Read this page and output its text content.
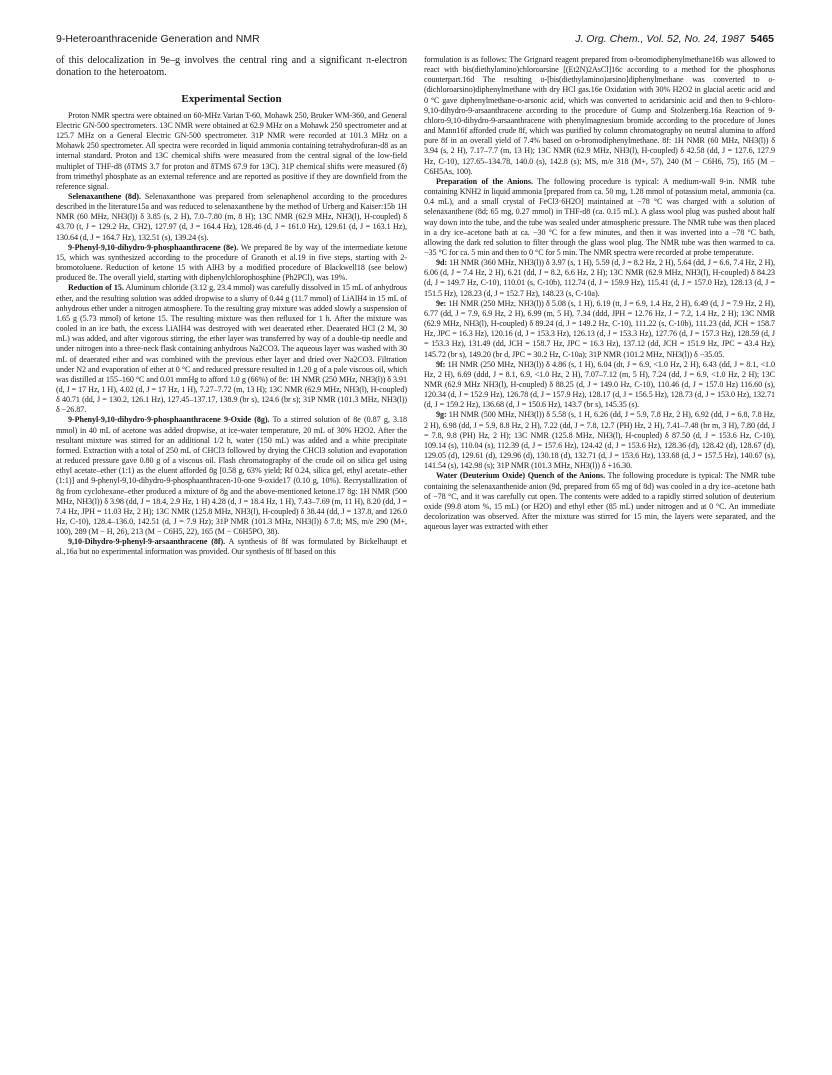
9-Heteroanthracenide Generation and NMR	J. Org. Chem., Vol. 52, No. 24, 1987 5465

of this delocalization in 9e–g involves the central ring and a significant π-electron donation to the heteroatom.

Experimental Section

Proton NMR spectra were obtained on 60-MHz Varian T-60, Mohawk 250, Bruker WM-360, and General Electric GN-500 spectrometers. 13C NMR were obtained at 62.9 MHz on a Mohawk 250 spectrometer and at 125.7 MHz on a General Electric GN-500 spectrometer. 31P NMR were recorded at 101.3 MHz on a Mohawk 250 spectrometer. All spectra were recorded in liquid ammonia containing tetrahydrofuran-d8 as an internal standard. Proton and 13C chemical shifts were measured from the central signal of the low-field multiplet of THF-d8 (δTMS 3.7 for proton and δTMS 67.9 for 13C). 31P chemical shifts were measured (δ) from trimethyl phosphate as an external reference and are reported as positive if they are downfield from the reference signal.

Selenaxanthene (8d). Selenaxanthone was prepared from selenaphenol according to the procedures described in the literature15a and was reduced to selenaxanthene by the method of Urberg and Kaiser:15b 1H NMR (60 MHz, NH3(l)) δ 3.85 (s, 2 H), 7.0–7.80 (m, 8 H); 13C NMR (62.9 MHz, NH3(l), H-coupled) δ 43.70 (t, J = 129.2 Hz, CH2), 127.97 (d, J = 164.4 Hz), 128.46 (d, J = 161.0 Hz), 129.61 (d, J = 163.1 Hz), 130.64 (d, J = 164.7 Hz), 132.51 (s), 139.24 (s).

9-Phenyl-9,10-dihydro-9-phosphaanthracene (8e). We prepared 8e by way of the intermediate ketone 15, which was synthesized according to the procedure of Granoth et al.19 in five steps, starting with 2-bromotoluene. Reduction of ketone 15 with AlH3 by a modified procedure of Blackwell18 (see below) produced 8e. The overall yield, starting with diphenylchlorophosphine (Ph2PCl), was 19%.

Reduction of 15. Aluminum chloride (3.12 g, 23.4 mmol) was carefully dissolved in 15 mL of anhydrous ether, and the resulting solution was added dropwise to a slurry of 0.44 g (11.7 mmol) of LiAlH4 in 15 mL of anhydrous ether under a nitrogen atmosphere. To the resulting gray mixture was added slowly a suspension of 1.65 g (5.73 mmol) of ketone 15. The resulting mixture was then refluxed for 1 h. After the mixture was cooled in an ice bath, the excess LiAlH4 was destroyed with wet deaerated ether. Deaerated HCl (2 M, 30 mL) was added, and after vigorous stirring, the ether layer was transferred by way of a double-tip needle and under nitrogen into a three-neck flask containing anhydrous Na2CO3. The aqueous layer was washed with 30 mL of deaerated ether and was combined with the previous ether layer and dried over Na2CO3. Filtration under N2 and evaporation of ether at 0 °C and reduced pressure resulted in 1.20 g of a pale viscous oil, which was distilled at 155–160 °C and 0.01 mmHg to afford 1.0 g (66%) of 8e: 1H NMR (250 MHz, NH3(l)) δ 3.91 (d, J = 17 Hz, 1 H), 4.02 (d, J = 17 Hz, 1 H), 7.27–7.72 (m, 13 H); 13C NMR (62.9 MHz, NH3(l), H-coupled) δ 40.71 (dd, J = 130.2, 126.1 Hz), 127.45–137.17, 138.9 (br s), 124.6 (br s); 31P NMR (101.3 MHz, NH3(l)) δ −26.87.

9-Phenyl-9,10-dihydro-9-phosphaanthracene 9-Oxide (8g). To a stirred solution of 8e (0.87 g, 3.18 mmol) in 40 mL of acetone was added dropwise, at ice-water temperature, 20 mL of 30% H2O2. After the resultant mixture was stirred for an additional 1/2 h, water (150 mL) was added and a white precipitate formed. Extraction with a total of 250 mL of CHCl3 followed by drying the CHCl3 solution and evaporation at reduced pressure gave 0.80 g of a viscous oil. Flash chromatography of the crude oil on silica gel using ethyl acetate–ether (1:1) as the eluent afforded 8g [0.58 g, 63% yield; Rf 0.24, silica gel, ethyl acetate–ether (1:1)] and 9-phenyl-9,10-dihydro-9-phosphaanthracen-10-one 9-oxide17 (0.10 g, 10%). Recrystallization of 8g from cyclohexane–ether produced a mixture of 8g and the above-mentioned ketone.17 8g: 1H NMR (500 MHz, NH3(l)) δ 3.98 (dd, J = 18.4, 2.9 Hz, 1 H) 4.28 (d, J = 18.4 Hz, 1 H), 7.43–7.69 (m, 11 H), 8.20 (dd, J = 7.4 Hz, JPH = 11.03 Hz, 2 H); 13C NMR (125.8 MHz, NH3(l), H-coupled) δ 38.44 (dd, J = 137.8, and 126.0 Hz, C-10), 128.4–136.0, 142.51 (d, J = 7.9 Hz); 31P NMR (101.3 MHz, NH3(l)) δ 7.8; MS, m/e 290 (M+, 100), 289 (M − H, 26), 213 (M − C6H5, 22), 165 (M − C6H5PO, 38).

9,10-Dihydro-9-phenyl-9-arsaanthracene (8f). A synthesis of 8f was formulated by Bickelhaupt et al.,16a but no experimental information was provided. Our synthesis of 8f based on this

formulation is as follows: The Grignard reagent prepared from o-bromodiphenylmethane16b was allowed to react with bis(diethylamino)chloroarsine [(Et2N)2AsCl]16c according to a method for the phosphorus counterpart.16d The resulting o-[bis(diethylamino)arsino]diphenylmethane was converted to o-(dichloroarsino)diphenylmethane with dry HCl gas.16e Oxidation with 30% H2O2 in glacial acetic acid and 0 °C gave diphenylmethane-o-arsonic acid, which was converted to acridarsinic acid and then to 9-chloro-9,10-dihydro-9-arsaanthracene according to the procedure of Gump and Stolzenberg.16a Reaction of 9-chloro-9,10-dihydro-9-arsaanthracene with phenylmagnesium bromide according to the procedure of Jones and Mann16f afforded crude 8f, which was purified by column chromatography on neutral alumina to afford pure 8f in an overall yield of 7.4% based on o-bromodiphenylmethane. 8f: 1H NMR (60 MHz, NH3(l)) δ 3.94 (s, 2 H), 7.17–7.7 (m, 13 H); 13C NMR (62.9 MHz, NH3(l), H-coupled) δ 42.58 (dd, J = 127.6, 127.9 Hz, C-10), 127.65–134.78, 140.0 (s), 142.8 (s); MS, m/e 318 (M+, 57), 240 (M − C6H6, 75), 165 (M − C6H5As, 100).

Preparation of the Anions. The following procedure is typical: A medium-wall 9-in. NMR tube containing KNH2 in liquid ammonia [prepared from ca. 50 mg, 1.28 mmol of potassium metal, ammonia (ca. 0.4 mL), and a small crystal of FeCl3·6H2O] maintained at −78 °C was charged with a solution of selenaxanthene (8d; 65 mg, 0.27 mmol) in THF-d8 (ca. 0.15 mL). A glass wool plug was pushed about half way down into the tube, and the tube was sealed under atmospheric pressure. The NMR tube was then placed in a dry ice–acetone bath at ca. −30 °C for a few minutes, and then it was inverted into a −78 °C bath, allowing the dark red solution to filter through the glass wool plug. The NMR tube was then warmed to ca. −35 °C for ca. 5 min and then to 0 °C for 5 min. The NMR spectra were recorded at probe temperature.

9d: 1H NMR (360 MHz, NH3(l)) δ 3.97 (s, 1 H), 5.59 (d, J = 8.2 Hz, 2 H), 5.64 (dd, J = 6.6, 7.4 Hz, 2 H), 6.06 (d, J = 7.4 Hz, 2 H), 6.21 (dd, J = 8.2, 6.6 Hz, 2 H); 13C NMR (62.9 MHz, NH3(l), H-coupled) δ 84.23 (d, J = 149.7 Hz, C-10), 110.01 (s, C-10b), 112.74 (d, J = 159.9 Hz), 115.41 (d, J = 157.0 Hz), 128.13 (d, J = 151.5 Hz), 128.23 (d, J = 152.7 Hz), 148.23 (s, C-10a).

9e: 1H NMR (250 MHz, NH3(l)) δ 5.08 (s, 1 H), 6.19 (tt, J = 6.9, 1.4 Hz, 2 H), 6.49 (d, J = 7.9 Hz, 2 H), 6.77 (dd, J = 7.9, 6.9 Hz, 2 H), 6.99 (m, 5 H), 7.34 (ddd, JPH = 12.76 Hz, J = 7.2, 1.4 Hz, 2 H); 13C NMR (62.9 MHz, NH3(l), H-coupled) δ 89.24 (d, J = 149.2 Hz, C-10), 111.22 (s, C-10b), 111.23 (dd, JCH = 158.7 Hz, JPC = 16.3 Hz), 120.16 (d, J = 153.3 Hz), 126.13 (d, J = 153.3 Hz), 127.76 (d, J = 157.3 Hz), 128.59 (d, J = 153.3 Hz), 131.49 (dd, JCH = 158.7 Hz, JPC = 16.3 Hz), 137.12 (dd, JCH = 151.9 Hz, JPC = 43.4 Hz), 145.72 (br s), 149.20 (br d, JPC = 30.2 Hz, C-10a); 31P NMR (101.2 MHz, NH3(l)) δ −35.05.

9f: 1H NMR (250 MHz, NH3(l)) δ 4.86 (s, 1 H), 6.04 (dt, J = 6.9, <1.0 Hz, 2 H), 6.43 (dd, J = 8.1, <1.0 Hz, 2 H), 6.69 (ddd, J = 8.1, 6.9, <1.0 Hz, 2 H), 7.07–7.12 (m, 5 H), 7.24 (dd, J = 6.9, <1.0 Hz, 2 H); 13C NMR (62.9 MHz NH3(l), H-coupled) δ 88.25 (d, J = 149.0 Hz, C-10), 110.46 (d, J = 157.0 Hz) 116.60 (s), 120.34 (d, J = 152.9 Hz), 126.78 (d, J = 157.9 Hz), 128.17 (d, J = 156.5 Hz), 128.73 (d, J = 153.0 Hz), 132.71 (d, J = 159.2 Hz), 136.68 (d, J = 150.6 Hz), 143.7 (br s), 145.35 (s).

9g: 1H NMR (500 MHz, NH3(l)) δ 5.58 (s, 1 H, 6.26 (dd, J = 5.9, 7.8 Hz, 2 H), 6.92 (dd, J = 6.8, 7.8 Hz, 2 H), 6.98 (dd, J = 5.9, 8.8 Hz, 2 H), 7.22 (dd, J = 7.8, 12.7 (PH) Hz, 2 H), 7.41–7.48 (br m, 3 H), 7.80 (dd, J = 7.8, 9.8 (PH) Hz, 2 H); 13C NMR (125.8 MHz, NH3(l), H-coupled) δ 87.50 (d, J = 153.6 Hz, C-10), 109.14 (s), 110.04 (s), 112.39 (d, J = 157.6 Hz), 124.42 (d, J = 153.6 Hz), 128.36 (d), 128.42 (d), 128.67 (d), 129.05 (d), 129.61 (d), 129.96 (d), 130.18 (d), 132.71 (d, J = 153.6 Hz), 133.68 (d, J = 157.5 Hz), 140.67 (s), 141.54 (s), 142.98 (s); 31P NMR (101.3 MHz, NH3(l)) δ +16.30.

Water (Deuterium Oxide) Quench of the Anions. The following procedure is typical: The NMR tube containing the selenaxanthenide anion (9d, prepared from 65 mg of 8d) was cooled in a dry ice–acetone bath of −78 °C, and it was carefully cut open. The contents were added to a rapidly stirred solution of deuterium oxide (99.8 atom %, 15 mL) (or H2O) and ethyl ether (85 mL) under nitrogen and at 0 °C. An immediate decolorization was observed. After the mixture was stirred for 15 min, the layers were separated, and the aqueous layer was extracted with ether
